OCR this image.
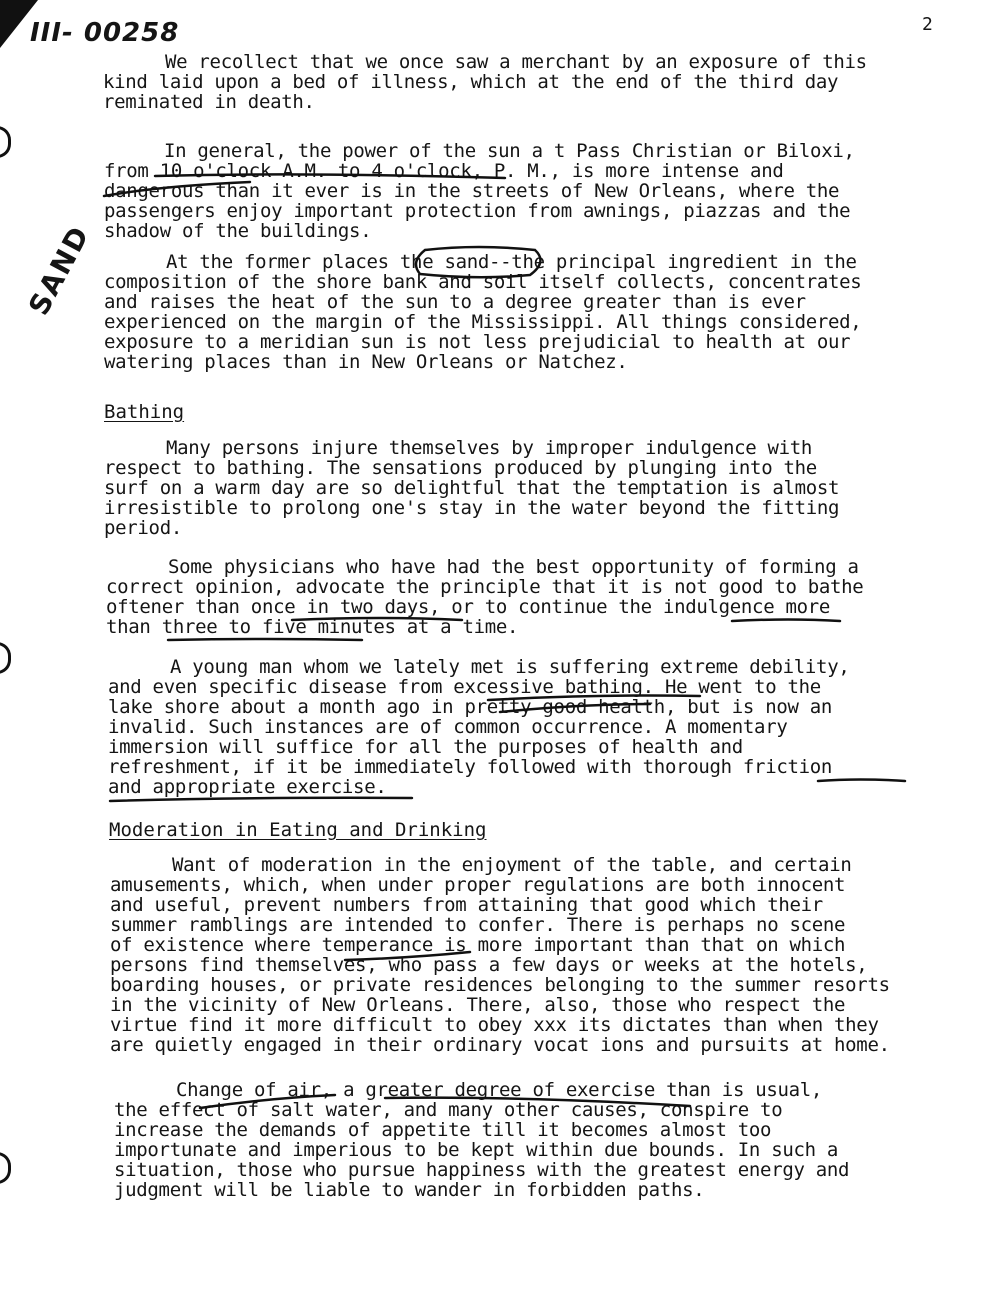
III- 00258	2
SAND
We recollect that we once saw a merchant by an exposure of this
kind laid upon a bed of illness, which at the end of the third day
reminated in death.
In general, the power of the sun a t Pass Christian or Biloxi,
from 10 o'clock A.M. to 4 o'clock, P. M., is more intense and
dangerous than it ever is in the streets of New Orleans, where the
passengers enjoy important protection from awnings, piazzas and the
shadow of the buildings.
At the former places the sand--the principal ingredient in the
composition of the shore bank and soil itself collects, concentrates
and raises the heat of the sun to a degree greater than is ever
experienced on the margin of the Mississippi. All things considered,
exposure to a meridian sun is not less prejudicial to health at our
watering places than in New Orleans or Natchez.
Bathing
Many persons injure themselves by improper indulgence with
respect to bathing. The sensations produced by plunging into the
surf on a warm day are so delightful that the temptation is almost
irresistible to prolong one's stay in the water beyond the fitting
period.
Some physicians who have had the best opportunity of forming a
correct opinion, advocate the principle that it is not good to bathe
oftener than once in two days, or to continue the indulgence more
than three to five minutes at a time.
A young man whom we lately met is suffering extreme debility,
and even specific disease from excessive bathing. He went to the
lake shore about a month ago in pretty good health, but is now an
invalid. Such instances are of common occurrence. A momentary
immersion will suffice for all the purposes of health and
refreshment, if it be immediately followed with thorough friction
and appropriate exercise.
Moderation in Eating and Drinking
Want of moderation in the enjoyment of the table, and certain
amusements, which, when under proper regulations are both innocent
and useful, prevent numbers from attaining that good which their
summer ramblings are intended to confer. There is perhaps no scene
of existence where temperance is more important than that on which
persons find themselves, who pass a few days or weeks at the hotels,
boarding houses, or private residences belonging to the summer resorts
in the vicinity of New Orleans. There, also, those who respect the
virtue find it more difficult to obey xxx its dictates than when they
are quietly engaged in their ordinary vocat ions and pursuits at home.
Change of air, a greater degree of exercise than is usual,
the effect of salt water, and many other causes, conspire to
increase the demands of appetite till it becomes almost too
importunate and imperious to be kept within due bounds. In such a
situation, those who pursue happiness with the greatest energy and
judgment will be liable to wander in forbidden paths.
